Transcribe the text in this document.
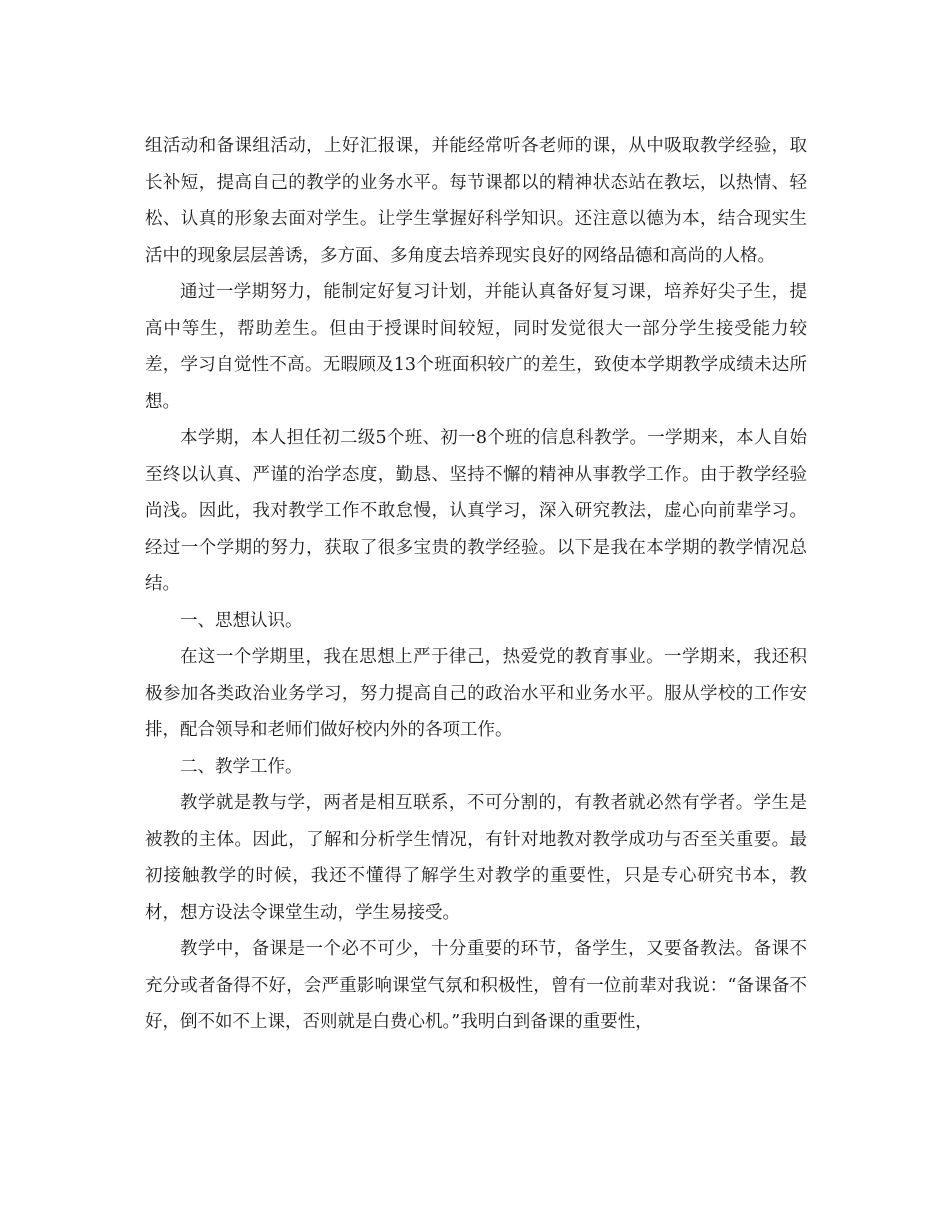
组活动和备课组活动，上好汇报课，并能经常听各老师的课，从中吸取教学经验，取长补短，提高自己的教学的业务水平。每节课都以的精神状态站在教坛，以热情、轻松、认真的形象去面对学生。让学生掌握好科学知识。还注意以德为本，结合现实生活中的现象层层善诱，多方面、多角度去培养现实良好的网络品德和高尚的人格。

通过一学期努力，能制定好复习计划，并能认真备好复习课，培养好尖子生，提高中等生，帮助差生。但由于授课时间较短，同时发觉很大一部分学生接受能力较差，学习自觉性不高。无暇顾及13个班面积较广的差生，致使本学期教学成绩未达所想。

本学期，本人担任初二级5个班、初一8个班的信息科教学。一学期来，本人自始至终以认真、严谨的治学态度，勤恳、坚持不懈的精神从事教学工作。由于教学经验尚浅。因此，我对教学工作不敢怠慢，认真学习，深入研究教法，虚心向前辈学习。经过一个学期的努力，获取了很多宝贵的教学经验。以下是我在本学期的教学情况总结。

一、思想认识。

在这一个学期里，我在思想上严于律己，热爱党的教育事业。一学期来，我还积极参加各类政治业务学习，努力提高自己的政治水平和业务水平。服从学校的工作安排，配合领导和老师们做好校内外的各项工作。

二、教学工作。

教学就是教与学，两者是相互联系，不可分割的，有教者就必然有学者。学生是被教的主体。因此，了解和分析学生情况，有针对地教对教学成功与否至关重要。最初接触教学的时候，我还不懂得了解学生对教学的重要性，只是专心研究书本，教材，想方设法令课堂生动，学生易接受。

教学中，备课是一个必不可少，十分重要的环节，备学生，又要备教法。备课不充分或者备得不好，会严重影响课堂气氛和积极性，曾有一位前辈对我说：“备课备不好，倒不如不上课，否则就是白费心机。”我明白到备课的重要性，
